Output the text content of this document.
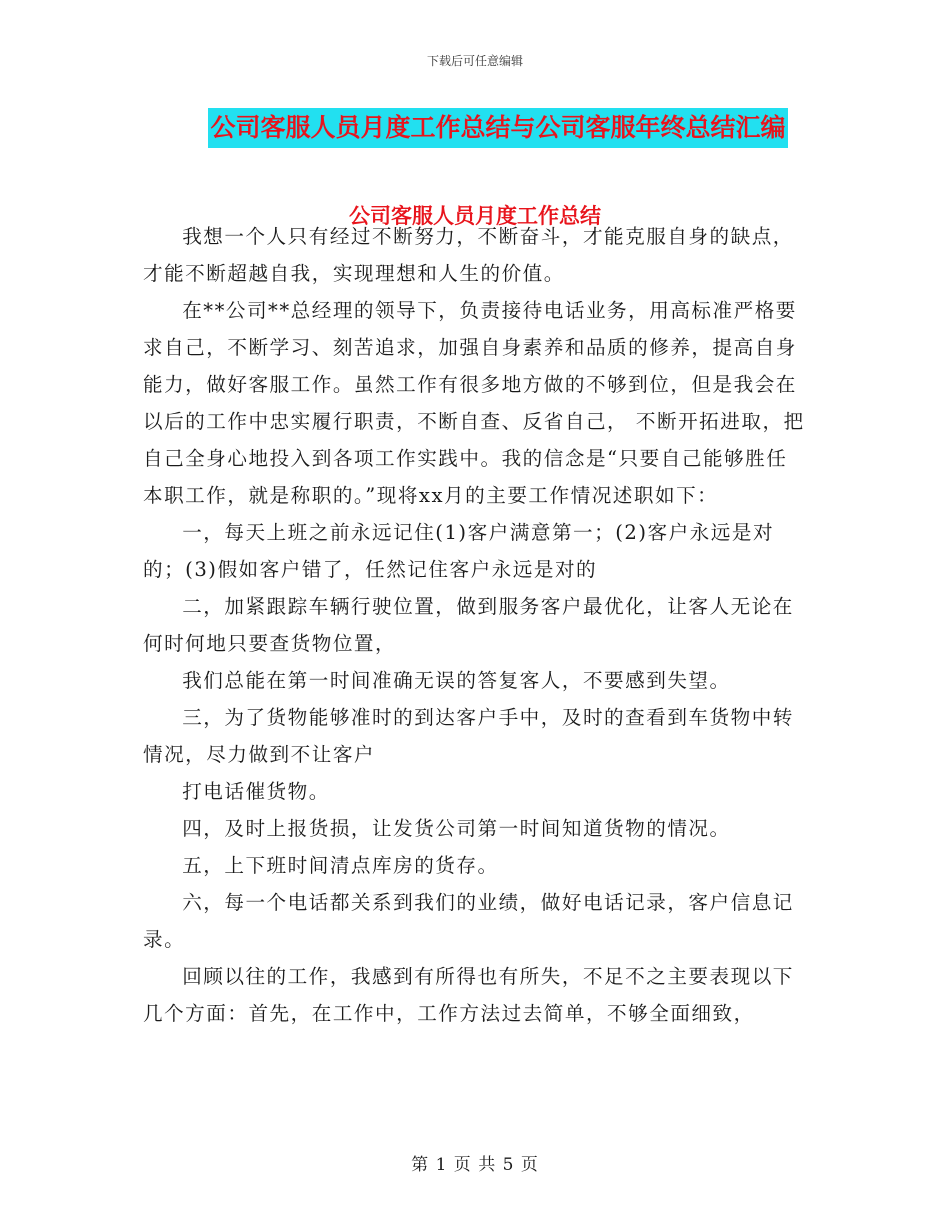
下载后可任意编辑
公司客服人员月度工作总结与公司客服年终总结汇编
公司客服人员月度工作总结

我想一个人只有经过不断努力，不断奋斗，才能克服自身的缺点，才能不断超越自我，实现理想和人生的价值。

在**公司**总经理的领导下，负责接待电话业务，用高标准严格要求自己，不断学习、刻苦追求，加强自身素养和品质的修养，提高自身能力，做好客服工作。虽然工作有很多地方做的不够到位，但是我会在以后的工作中忠实履行职责，不断自查、反省自己， 不断开拓进取，把自己全身心地投入到各项工作实践中。我的信念是“只要自己能够胜任本职工作，就是称职的。”现将xx月的主要工作情况述职如下：

一，每天上班之前永远记住(1)客户满意第一；(2)客户永远是对的；(3)假如客户错了，任然记住客户永远是对的

二，加紧跟踪车辆行驶位置，做到服务客户最优化，让客人无论在何时何地只要查货物位置，

我们总能在第一时间准确无误的答复客人，不要感到失望。

三，为了货物能够准时的到达客户手中，及时的查看到车货物中转情况，尽力做到不让客户

打电话催货物。

四，及时上报货损，让发货公司第一时间知道货物的情况。

五，上下班时间清点库房的货存。

六，每一个电话都关系到我们的业绩，做好电话记录，客户信息记录。

回顾以往的工作，我感到有所得也有所失，不足不之主要表现以下几个方面：首先，在工作中，工作方法过去简单，不够全面细致，

第 1 页 共 5 页
